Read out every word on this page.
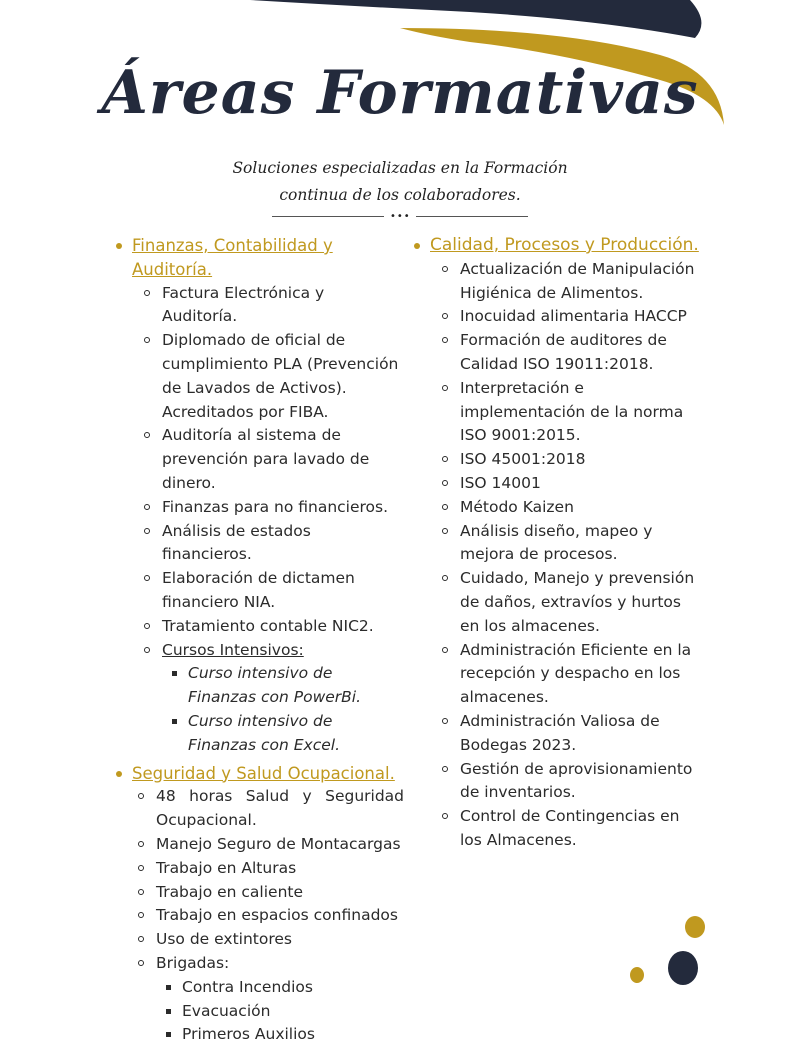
Áreas Formativas
Soluciones especializadas en la Formación
continua de los colaboradores.
•••
Finanzas, Contabilidad y Auditoría.
Factura Electrónica y Auditoría.
Diplomado de oficial de cumplimiento PLA (Prevención de Lavados de Activos). Acreditados por FIBA.
Auditoría al sistema de prevención para lavado de dinero.
Finanzas para no financieros.
Análisis de estados financieros.
Elaboración de dictamen financiero NIA.
Tratamiento contable NIC2.
Cursos Intensivos:
Curso intensivo de Finanzas con PowerBi.
Curso intensivo de Finanzas con Excel.
Seguridad y Salud Ocupacional.
48 horas Salud y Seguridad Ocupacional.
Manejo Seguro de Montacargas
Trabajo en Alturas
Trabajo en caliente
Trabajo en espacios confinados
Uso de extintores
Brigadas:
Contra Incendios
Evacuación
Primeros Auxilios
Calidad, Procesos y Producción.
Actualización de Manipulación Higiénica de Alimentos.
Inocuidad alimentaria HACCP
Formación de auditores de Calidad ISO 19011:2018.
Interpretación e implementación de la norma ISO 9001:2015.
ISO 45001:2018
ISO 14001
Método Kaizen
Análisis diseño, mapeo y mejora de procesos.
Cuidado, Manejo y prevensión de daños, extravíos y hurtos en los almacenes.
Administración Eficiente en la recepción y despacho en los almacenes.
Administración Valiosa de Bodegas 2023.
Gestión de aprovisionamiento de inventarios.
Control de Contingencias en los Almacenes.
